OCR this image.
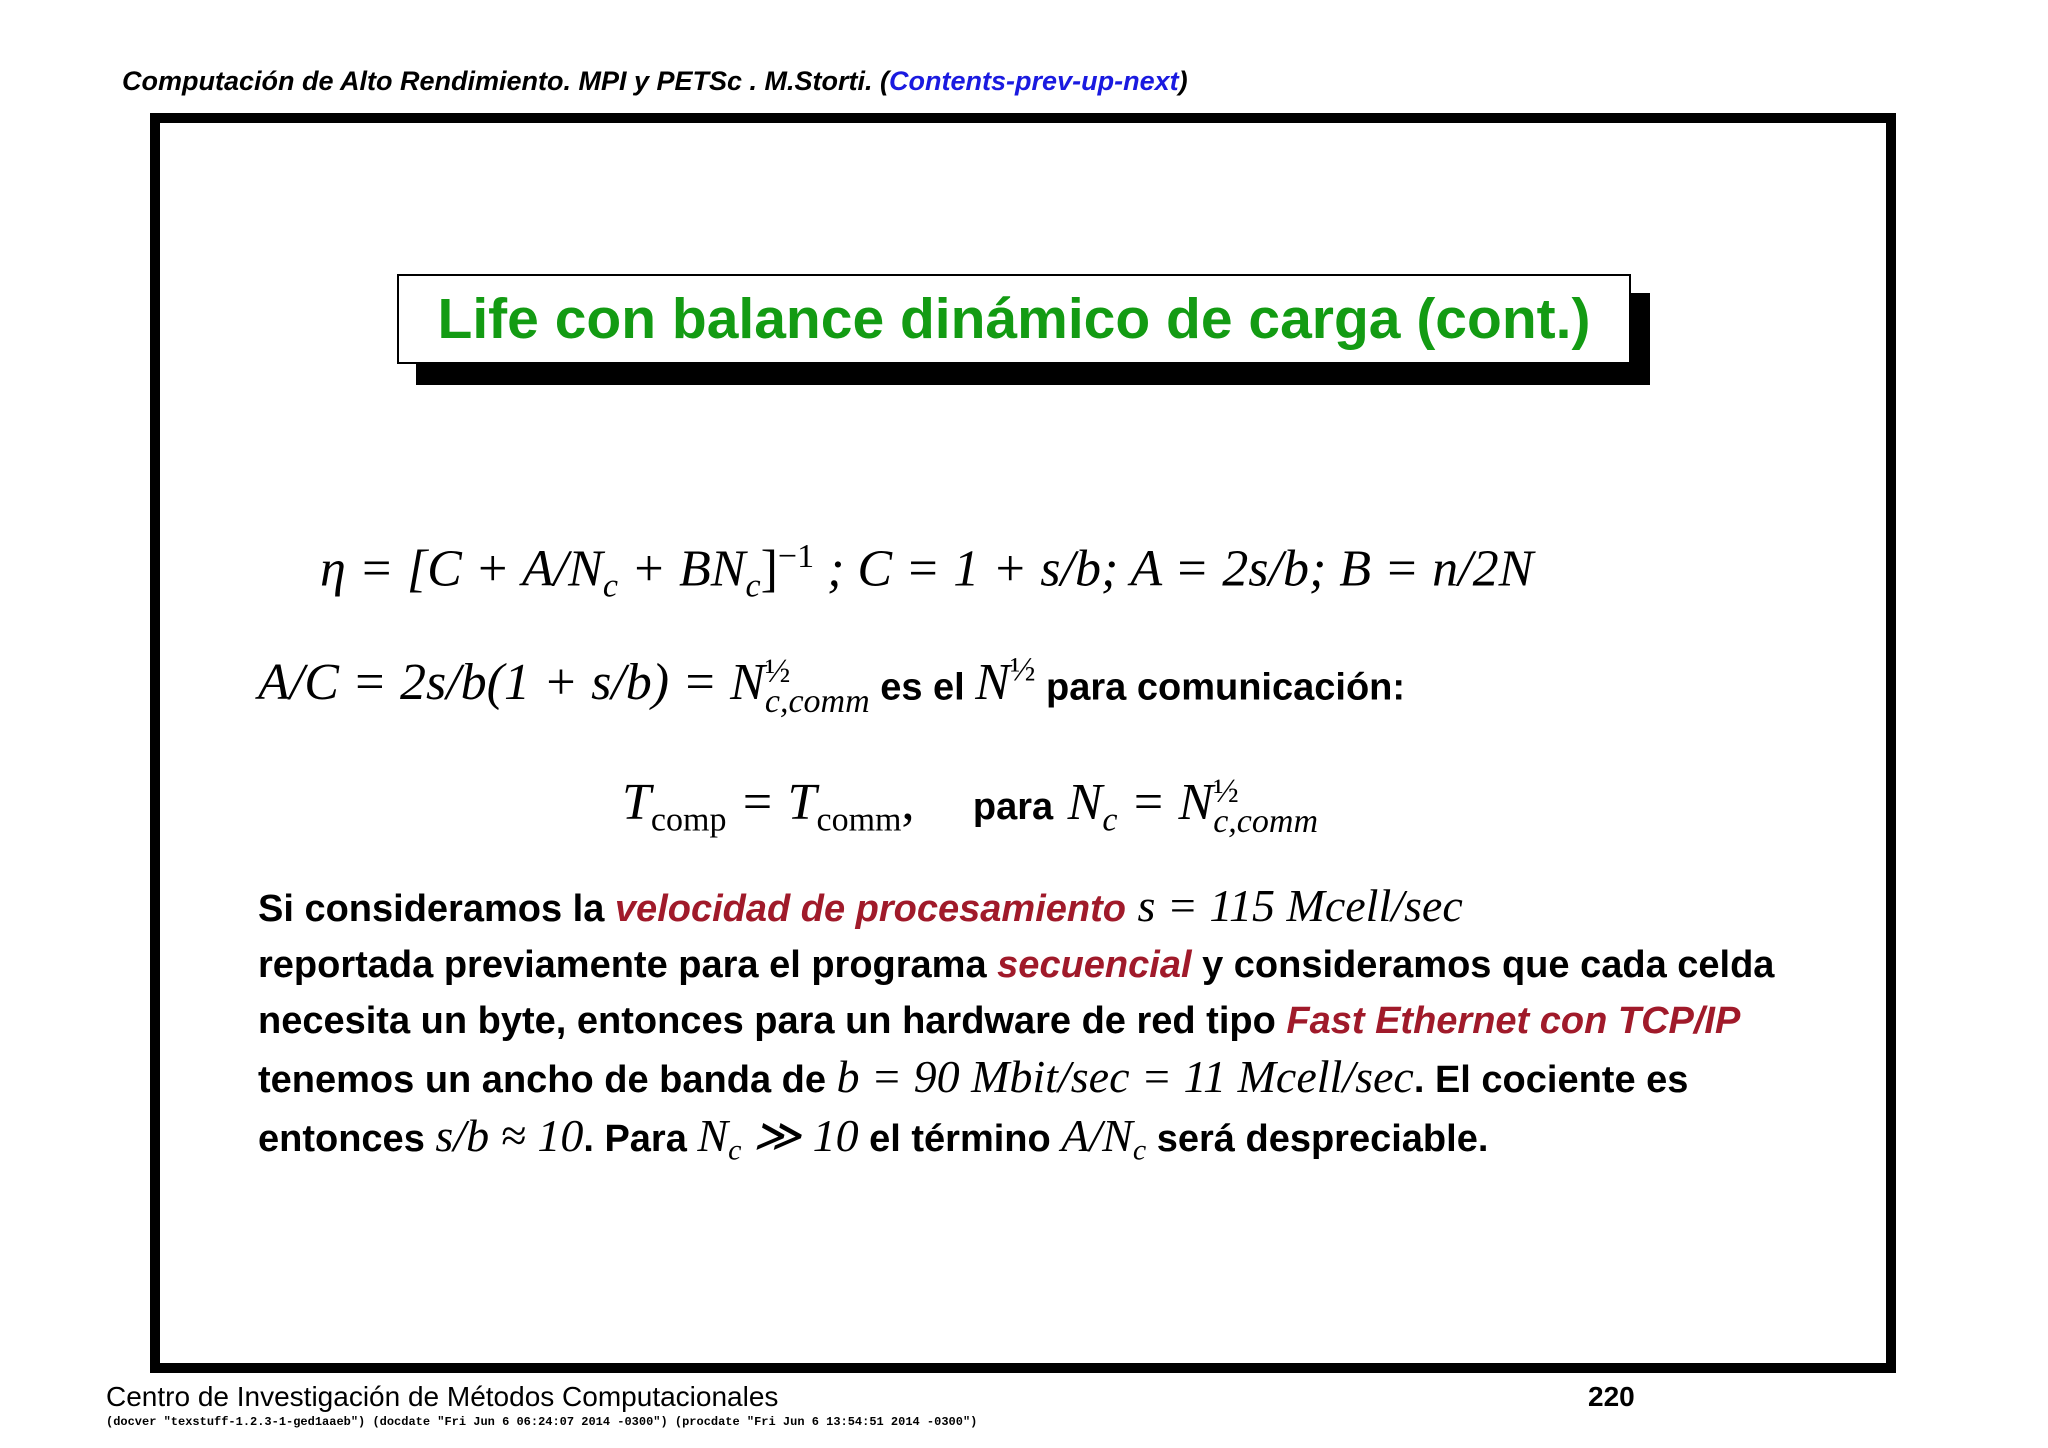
Computación de Alto Rendimiento. MPI y PETSc . M.Storti. (Contents-prev-up-next)
Life con balance dinámico de carga (cont.)
$\eta = [C + A/N_c + BN_c]^{-1}$ ; C = 1 + s/b; A = 2s/b; B = n/2N
A/C = 2s/b(1 + s/b) = N ½
c,comm es el $N^{\frac{1}{2}}$ para comunicación:
$T_{comp} = T_{comm}$, para $N_c = N$ ½
c,comm
Si consideramos la velocidad de procesamiento s = 115 Mcell/sec
reportada previamente para el programa secuencial y consideramos que cada celda necesita un byte, entonces para un hardware de red tipo Fast Ethernet con TCP/IP tenemos un ancho de banda de b = 90 Mbit/sec = 11 Mcell/sec. El cociente es entonces s/b ≈ 10. Para $N_c$ ≫ 10 el término $A/N_c$ será despreciable.
Centro de Investigación de Métodos Computacionales	220
(docver "texstuff-1.2.3-1-ged1aaeb") (docdate "Fri Jun 6 06:24:07 2014 -0300") (procdate "Fri Jun 6 13:54:51 2014 -0300")
